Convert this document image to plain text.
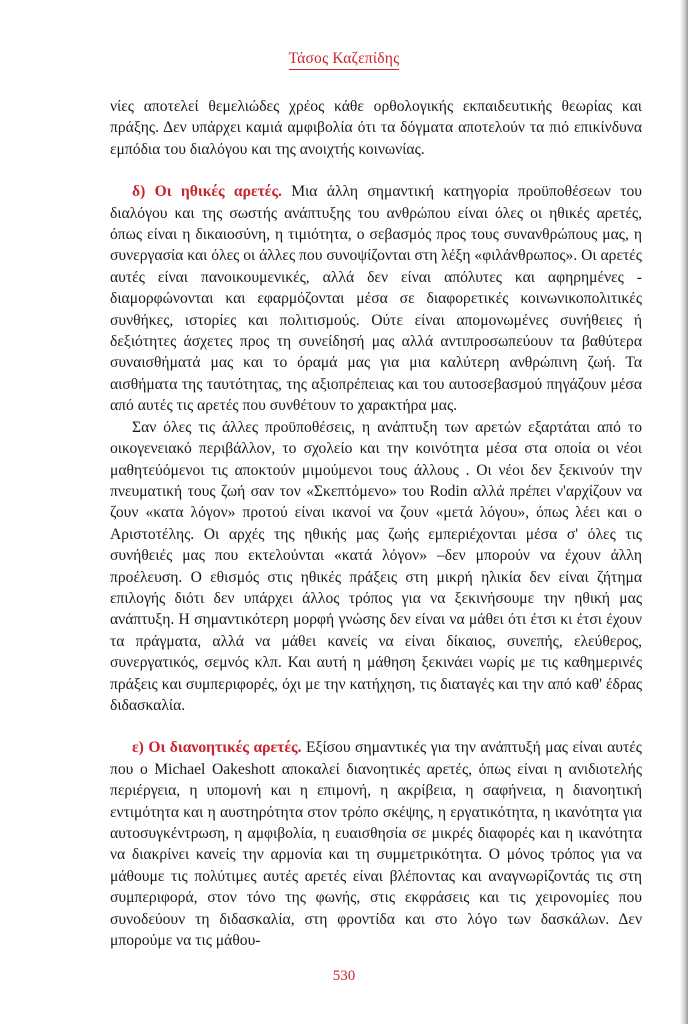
Τάσος Καζεπίδης

νίες αποτελεί θεμελιώδες χρέος κάθε ορθολογικής εκπαιδευτικής θεωρίας και πράξης. Δεν υπάρχει καμιά αμφιβολία ότι τα δόγματα αποτελούν τα πιό επικίνδυνα εμπόδια του διαλόγου και της ανοιχτής κοινωνίας.

δ) Οι ηθικές αρετές. Μια άλλη σημαντική κατηγορία προϋποθέσεων του διαλόγου και της σωστής ανάπτυξης του ανθρώπου είναι όλες οι ηθικές αρετές, όπως είναι η δικαιοσύνη, η τιμιότητα, ο σεβασμός προς τους συνανθρώπους μας, η συνεργασία και όλες οι άλλες που συνοψίζονται στη λέξη «φιλάνθρωπος». Οι αρετές αυτές είναι πανοικουμενικές, αλλά δεν είναι απόλυτες και αφηρημένες - διαμορφώνονται και εφαρμόζονται μέσα σε διαφορετικές κοινωνικοπολιτικές συνθήκες, ιστορίες και πολιτισμούς. Ούτε είναι απομονωμένες συνήθειες ή δεξιότητες άσχετες προς τη συνείδησή μας αλλά αντιπροσωπεύουν τα βαθύτερα συναισθήματά μας και το όραμά μας για μια καλύτερη ανθρώπινη ζωή. Τα αισθήματα της ταυτότητας, της αξιοπρέπειας και του αυτοσεβασμού πηγάζουν μέσα από αυτές τις αρετές που συνθέτουν το χαρακτήρα μας.

Σαν όλες τις άλλες προϋποθέσεις, η ανάπτυξη των αρετών εξαρτάται από το οικογενειακό περιβάλλον, το σχολείο και την κοινότητα μέσα στα οποία οι νέοι μαθητεύόμενοι τις αποκτούν μιμούμενοι τους άλλους . Οι νέοι δεν ξεκινούν την πνευματική τους ζωή σαν τον «Σκεπτόμενο» του Rodin αλλά πρέπει ν'αρχίζουν να ζουν «κατα λόγον» προτού είναι ικανοί να ζουν «μετά λόγου», όπως λέει και ο Αριστοτέλης. Οι αρχές της ηθικής μας ζωής εμπεριέχονται μέσα σ' όλες τις συνήθειές μας που εκτελούνται «κατά λόγον» –δεν μπορούν να έχουν άλλη προέλευση. Ο εθισμός στις ηθικές πράξεις στη μικρή ηλικία δεν είναι ζήτημα επιλογής διότι δεν υπάρχει άλλος τρόπος για να ξεκινήσουμε την ηθική μας ανάπτυξη. Η σημαντικότερη μορφή γνώσης δεν είναι να μάθει ότι έτσι κι έτσι έχουν τα πράγματα, αλλά να μάθει κανείς να είναι δίκαιος, συνεπής, ελεύθερος, συνεργατικός, σεμνός κλπ. Και αυτή η μάθηση ξεκινάει νωρίς με τις καθημερινές πράξεις και συμπεριφορές, όχι με την κατήχηση, τις διαταγές και την από καθ' έδρας διδασκαλία.

ε) Οι διανοητικές αρετές. Εξίσου σημαντικές για την ανάπτυξή μας είναι αυτές που ο Michael Oakeshott αποκαλεί διανοητικές αρετές, όπως είναι η ανιδιοτελής περιέργεια, η υπομονή και η επιμονή, η ακρίβεια, η σαφήνεια, η διανοητική εντιμότητα και η αυστηρότητα στον τρόπο σκέψης, η εργατικότητα, η ικανότητα για αυτοσυγκέντρωση, η αμφιβολία, η ευαισθησία σε μικρές διαφορές και η ικανότητα να διακρίνει κανείς την αρμονία και τη συμμετρικότητα. Ο μόνος τρόπος για να μάθουμε τις πολύτιμες αυτές αρετές είναι βλέποντας και αναγνωρίζοντάς τις στη συμπεριφορά, στον τόνο της φωνής, στις εκφράσεις και τις χειρονομίες που συνοδεύουν τη διδασκαλία, στη φροντίδα και στο λόγο των δασκάλων. Δεν μπορούμε να τις μάθου-

530
